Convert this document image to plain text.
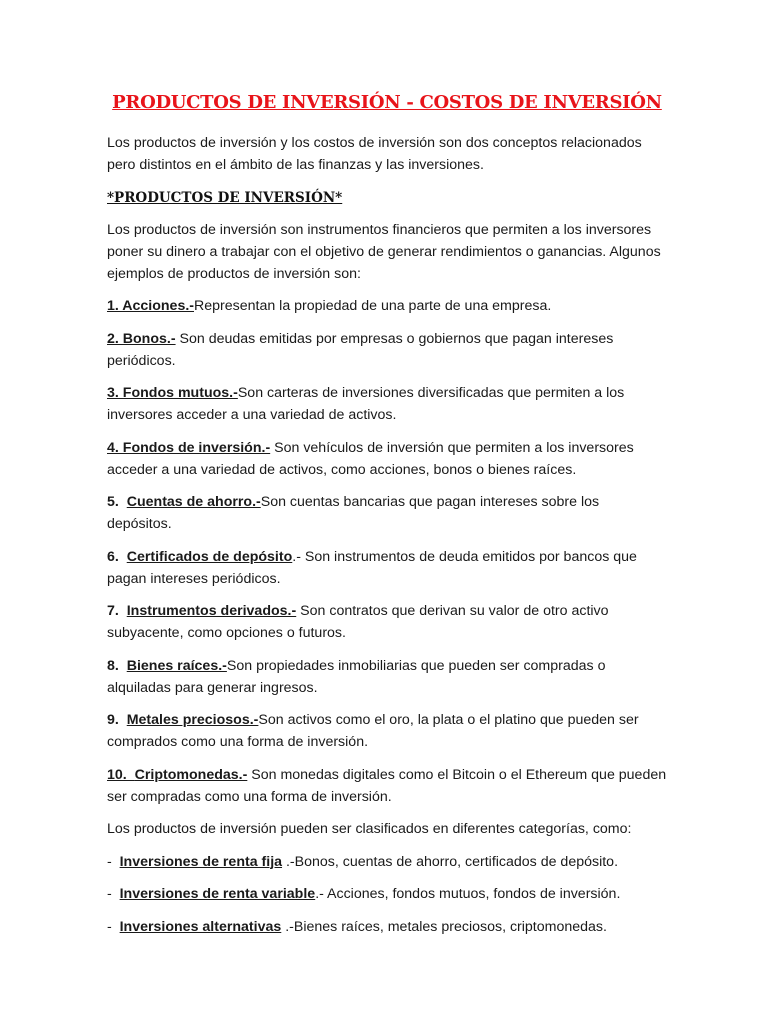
PRODUCTOS DE INVERSIÓN - COSTOS DE INVERSIÓN

Los productos de inversión y los costos de inversión son dos conceptos relacionados pero distintos en el ámbito de las finanzas y las inversiones.

*PRODUCTOS DE INVERSIÓN*

Los productos de inversión son instrumentos financieros que permiten a los inversores poner su dinero a trabajar con el objetivo de generar rendimientos o ganancias. Algunos ejemplos de productos de inversión son:

1. Acciones.-Representan la propiedad de una parte de una empresa.

2. Bonos.- Son deudas emitidas por empresas o gobiernos que pagan intereses periódicos.

3. Fondos mutuos.-Son carteras de inversiones diversificadas que permiten a los inversores acceder a una variedad de activos.

4. Fondos de inversión.- Son vehículos de inversión que permiten a los inversores acceder a una variedad de activos, como acciones, bonos o bienes raíces.

5.  Cuentas de ahorro.-Son cuentas bancarias que pagan intereses sobre los depósitos.

6.  Certificados de depósito.- Son instrumentos de deuda emitidos por bancos que pagan intereses periódicos.

7.  Instrumentos derivados.- Son contratos que derivan su valor de otro activo subyacente, como opciones o futuros.

8.  Bienes raíces.-Son propiedades inmobiliarias que pueden ser compradas o alquiladas para generar ingresos.

9.  Metales preciosos.-Son activos como el oro, la plata o el platino que pueden ser comprados como una forma de inversión.

10.  Criptomonedas.- Son monedas digitales como el Bitcoin o el Ethereum que pueden ser compradas como una forma de inversión.

Los productos de inversión pueden ser clasificados en diferentes categorías, como:

-  Inversiones de renta fija .-Bonos, cuentas de ahorro, certificados de depósito.

-  Inversiones de renta variable.- Acciones, fondos mutuos, fondos de inversión.

-  Inversiones alternativas .-Bienes raíces, metales preciosos, criptomonedas.
